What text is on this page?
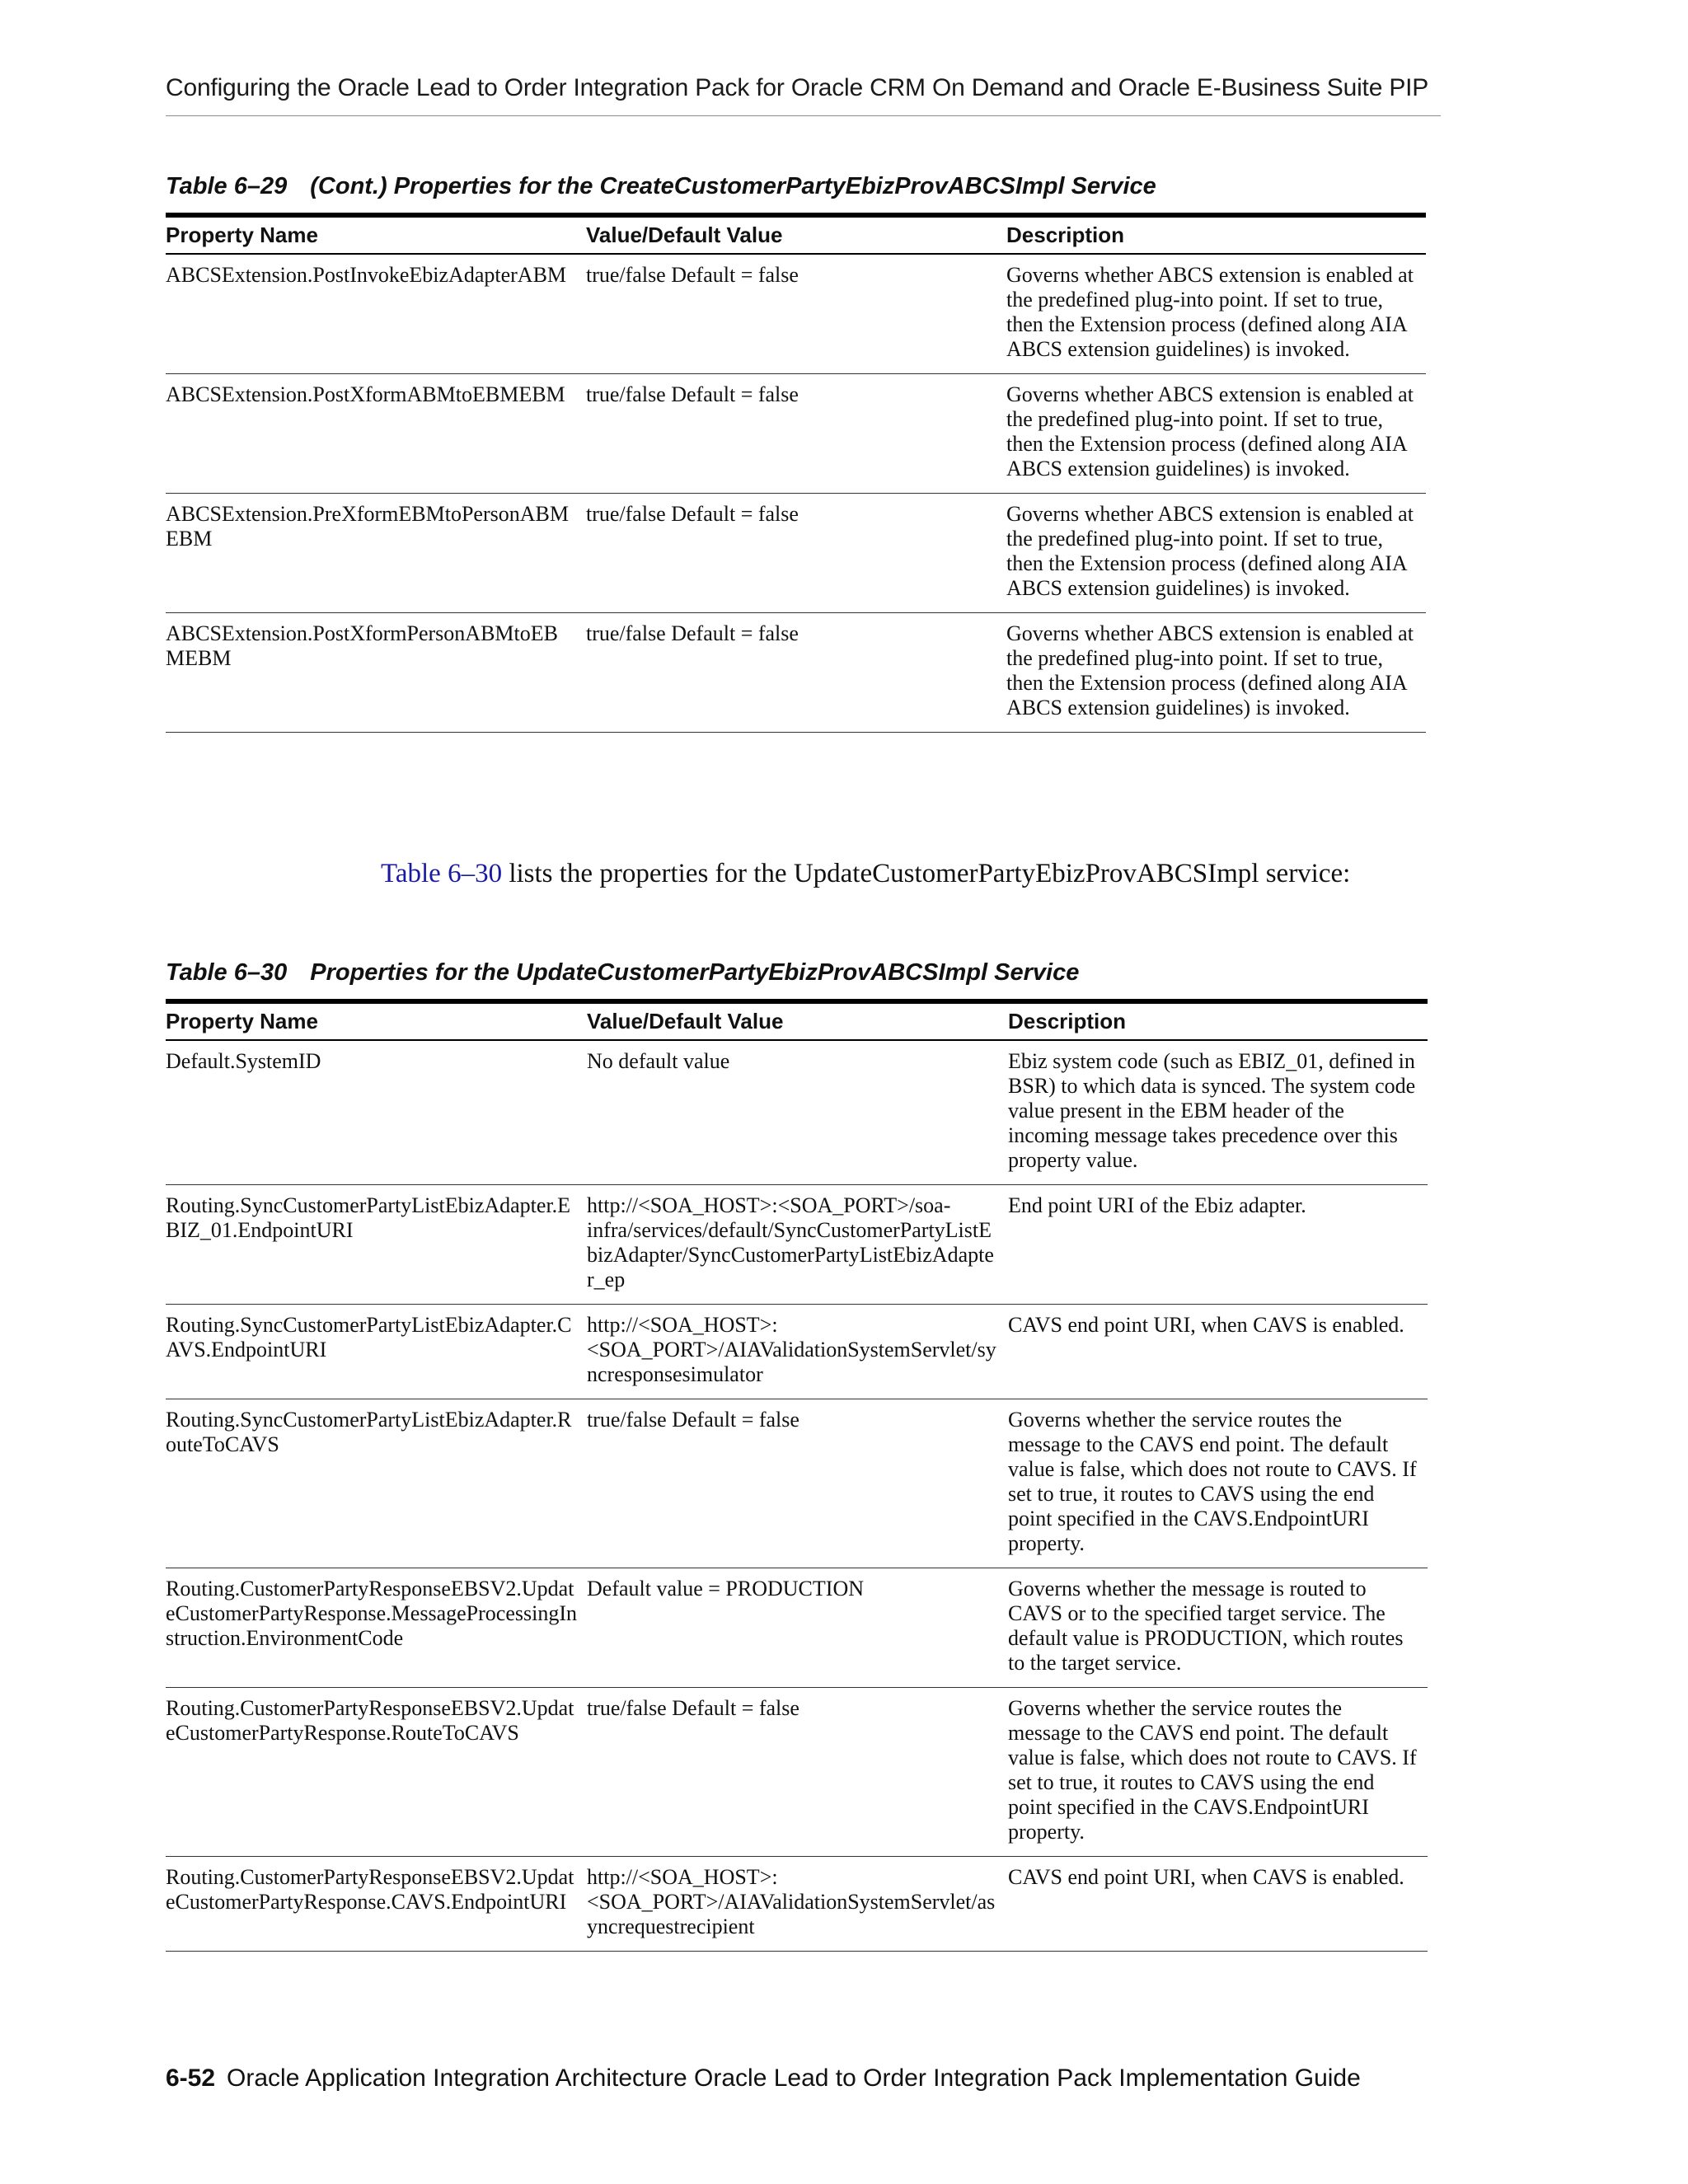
Configuring the Oracle Lead to Order Integration Pack for Oracle CRM On Demand and Oracle E-Business Suite PIP
Table 6–29 (Cont.) Properties for the CreateCustomerPartyEbizProvABCSImpl Service
Property Name	Value/Default Value	Description
ABCSExtension.PostInvokeEbizAdapterABM	true/false Default = false	Governs whether ABCS extension is enabled at the predefined plug-into point. If set to true, then the Extension process (defined along AIA ABCS extension guidelines) is invoked.
ABCSExtension.PostXformABMtoEBMEBM	true/false Default = false	Governs whether ABCS extension is enabled at the predefined plug-into point. If set to true, then the Extension process (defined along AIA ABCS extension guidelines) is invoked.
ABCSExtension.PreXformEBMtoPersonABMEBM	true/false Default = false	Governs whether ABCS extension is enabled at the predefined plug-into point. If set to true, then the Extension process (defined along AIA ABCS extension guidelines) is invoked.
ABCSExtension.PostXformPersonABMtoEBMEBM	true/false Default = false	Governs whether ABCS extension is enabled at the predefined plug-into point. If set to true, then the Extension process (defined along AIA ABCS extension guidelines) is invoked.
Table 6–30 lists the properties for the UpdateCustomerPartyEbizProvABCSImpl service:
Table 6–30 Properties for the UpdateCustomerPartyEbizProvABCSImpl Service
Property Name	Value/Default Value	Description
Default.SystemID	No default value	Ebiz system code (such as EBIZ_01, defined in BSR) to which data is synced. The system code value present in the EBM header of the incoming message takes precedence over this property value.
Routing.SyncCustomerPartyListEbizAdapter.EBIZ_01.EndpointURI	http://<SOA_HOST>:<SOA_PORT>/soa-infra/services/default/SyncCustomerPartyListEbizAdapter/SyncCustomerPartyListEbizAdapter_ep	End point URI of the Ebiz adapter.
Routing.SyncCustomerPartyListEbizAdapter.CAVS.EndpointURI	http://<SOA_HOST>:<SOA_PORT>/AIAValidationSystemServlet/syncresponsesimulator	CAVS end point URI, when CAVS is enabled.
Routing.SyncCustomerPartyListEbizAdapter.RouteToCAVS	true/false Default = false	Governs whether the service routes the message to the CAVS end point. The default value is false, which does not route to CAVS. If set to true, it routes to CAVS using the end point specified in the CAVS.EndpointURI property.
Routing.CustomerPartyResponseEBSV2.UpdateCustomerPartyResponse.MessageProcessingInstruction.EnvironmentCode	Default value = PRODUCTION	Governs whether the message is routed to CAVS or to the specified target service. The default value is PRODUCTION, which routes to the target service.
Routing.CustomerPartyResponseEBSV2.UpdateCustomerPartyResponse.RouteToCAVS	true/false Default = false	Governs whether the service routes the message to the CAVS end point. The default value is false, which does not route to CAVS. If set to true, it routes to CAVS using the end point specified in the CAVS.EndpointURI property.
Routing.CustomerPartyResponseEBSV2.UpdateCustomerPartyResponse.CAVS.EndpointURI	http://<SOA_HOST>:<SOA_PORT>/AIAValidationSystemServlet/asyncrequestrecipient	CAVS end point URI, when CAVS is enabled.
6-52 Oracle Application Integration Architecture Oracle Lead to Order Integration Pack Implementation Guide
